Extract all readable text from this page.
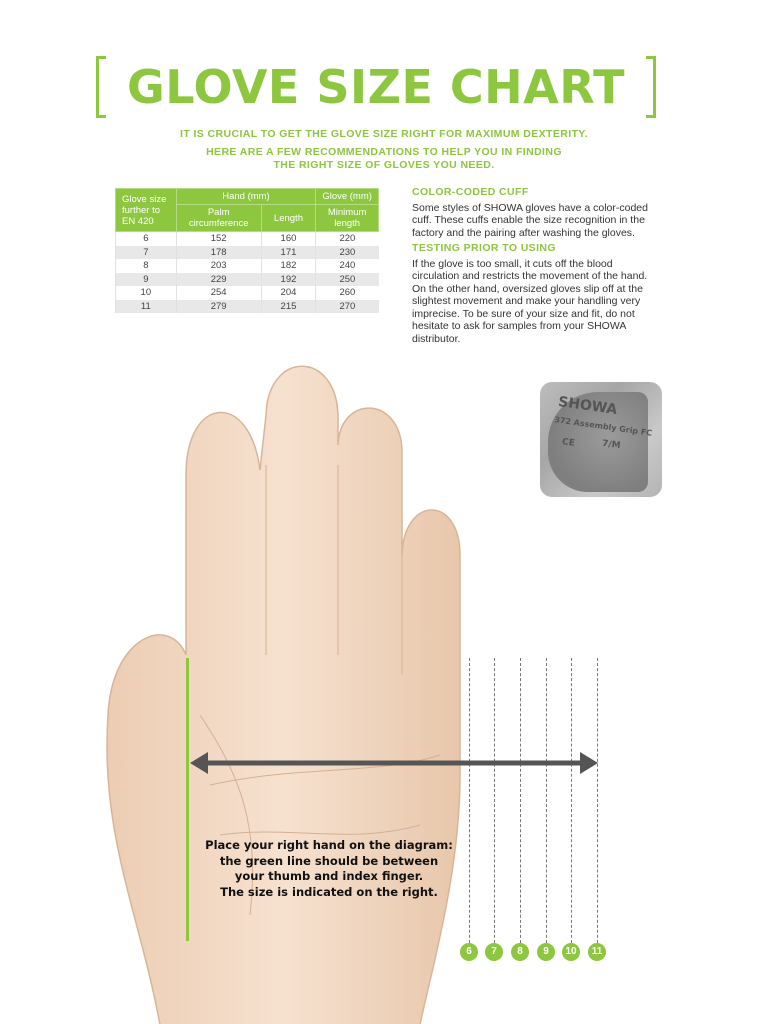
GLOVE SIZE CHART
IT IS CRUCIAL TO GET THE GLOVE SIZE RIGHT FOR MAXIMUM DEXTERITY.
HERE ARE A FEW RECOMMENDATIONS TO HELP YOU IN FINDING
THE RIGHT SIZE OF GLOVES YOU NEED.
Glove size further to EN 420	Hand (mm)		Glove (mm)
	Palm circumference	Length	Minimum length
6	152	160	220
7	178	171	230
8	203	182	240
9	229	192	250
10	254	204	260
11	279	215	270
COLOR-CODED CUFF

Some styles of SHOWA gloves have a color-coded cuff. These cuffs enable the size recognition in the factory and the pairing after washing the gloves.

TESTING PRIOR TO USING

If the glove is too small, it cuts off the blood circulation and restricts the movement of the hand. On the other hand, oversized gloves slip off at the slightest movement and make your handling very imprecise. To be sure of your size and fit, do not hesitate to ask for samples from your SHOWA distributor.

SHOWA
372 Assembly Grip FC
CE	7/M
Place your right hand on the diagram:
the green line should be between
your thumb and index finger.
The size is indicated on the right.
6	7	8	9	10	11
